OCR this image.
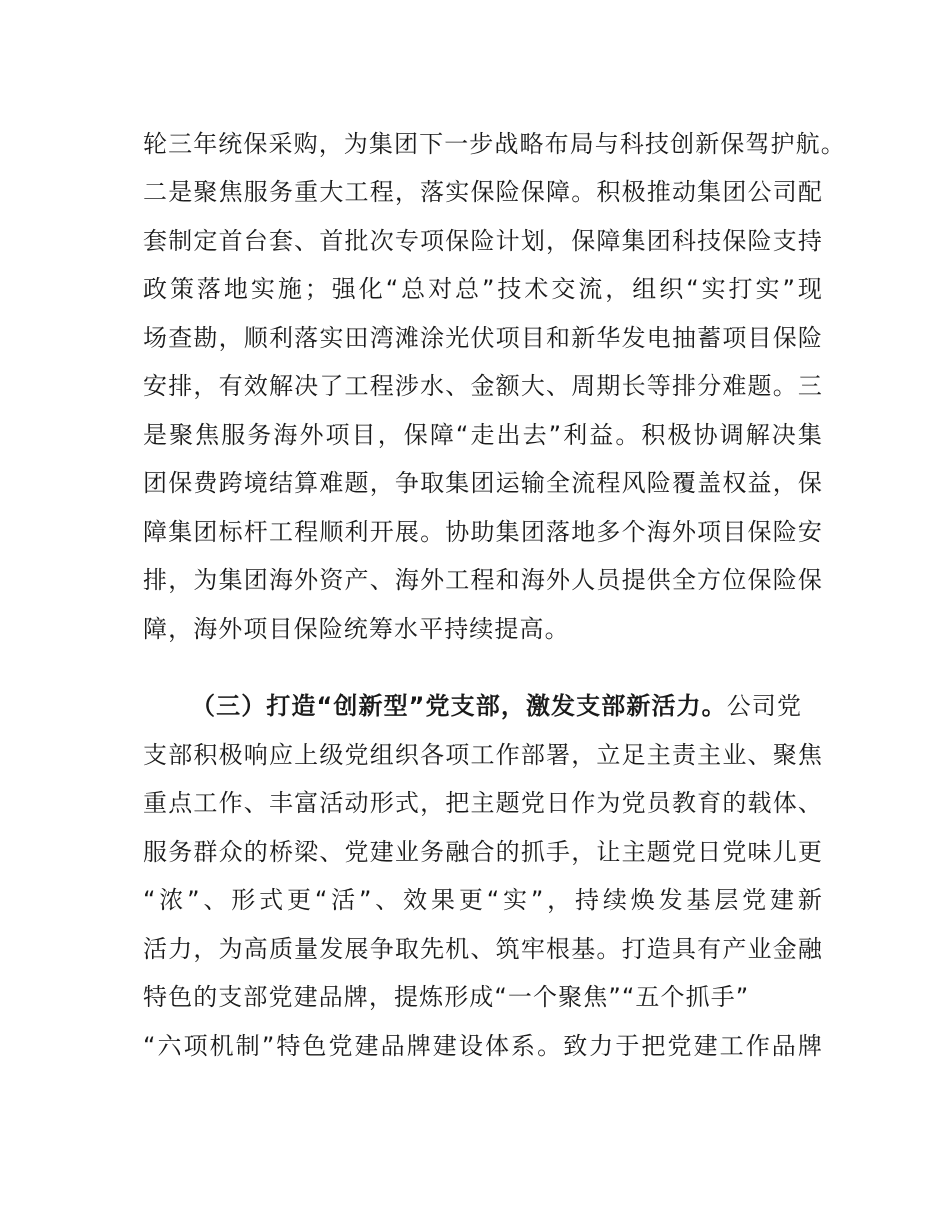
轮三年统保采购，为集团下一步战略布局与科技创新保驾护航。
二是聚焦服务重大工程，落实保险保障。积极推动集团公司配
套制定首台套、首批次专项保险计划，保障集团科技保险支持
政策落地实施；强化“总对总”技术交流，组织“实打实”现
场查勘，顺利落实田湾滩涂光伏项目和新华发电抽蓄项目保险
安排，有效解决了工程涉水、金额大、周期长等排分难题。三
是聚焦服务海外项目，保障“走出去”利益。积极协调解决集
团保费跨境结算难题，争取集团运输全流程风险覆盖权益，保
障集团标杆工程顺利开展。协助集团落地多个海外项目保险安
排，为集团海外资产、海外工程和海外人员提供全方位保险保
障，海外项目保险统筹水平持续提高。
（三）打造“创新型”党支部，激发支部新活力。公司党
支部积极响应上级党组织各项工作部署，立足主责主业、聚焦
重点工作、丰富活动形式，把主题党日作为党员教育的载体、
服务群众的桥梁、党建业务融合的抓手，让主题党日党味儿更
“浓”、形式更“活”、效果更“实”，持续焕发基层党建新
活力，为高质量发展争取先机、筑牢根基。打造具有产业金融
特色的支部党建品牌，提炼形成“一个聚焦”“五个抓手”
“六项机制”特色党建品牌建设体系。致力于把党建工作品牌
